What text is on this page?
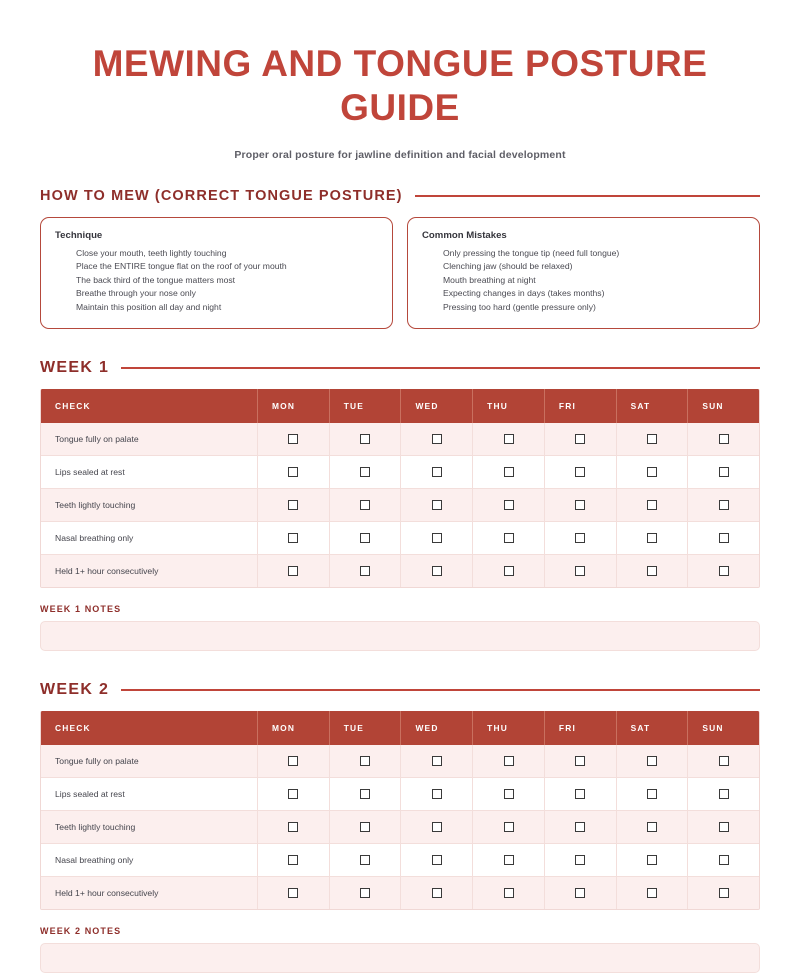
MEWING AND TONGUE POSTURE GUIDE

Proper oral posture for jawline definition and facial development

HOW TO MEW (CORRECT TONGUE POSTURE)
Technique
Close your mouth, teeth lightly touching
Place the ENTIRE tongue flat on the roof of your mouth
The back third of the tongue matters most
Breathe through your nose only
Maintain this position all day and night
Common Mistakes
Only pressing the tongue tip (need full tongue)
Clenching jaw (should be relaxed)
Mouth breathing at night
Expecting changes in days (takes months)
Pressing too hard (gentle pressure only)
WEEK 1
CHECK	MON	TUE	WED	THU	FRI	SAT	SUN
Tongue fully on palate
Lips sealed at rest
Teeth lightly touching
Nasal breathing only
Held 1+ hour consecutively
WEEK 1 NOTES
WEEK 2
CHECK	MON	TUE	WED	THU	FRI	SAT	SUN
Tongue fully on palate
Lips sealed at rest
Teeth lightly touching
Nasal breathing only
Held 1+ hour consecutively
WEEK 2 NOTES
